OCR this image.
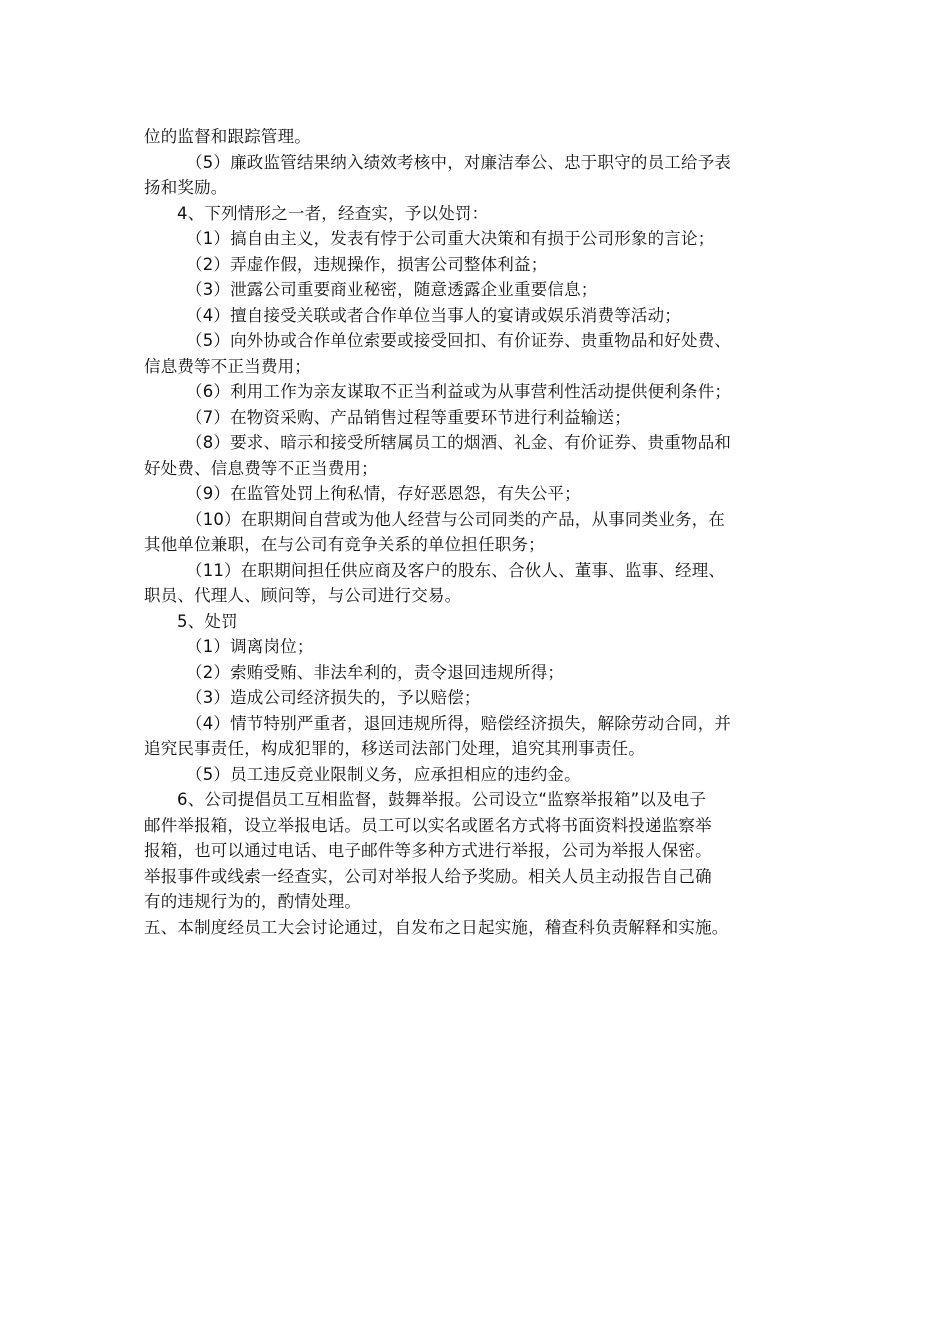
位的监督和跟踪管理。
（5）廉政监管结果纳入绩效考核中，对廉洁奉公、忠于职守的员工给予表
扬和奖励。
4、下列情形之一者，经查实，予以处罚：
（1）搞自由主义，发表有悖于公司重大决策和有损于公司形象的言论；
（2）弄虚作假，违规操作，损害公司整体利益；
（3）泄露公司重要商业秘密，随意透露企业重要信息；
（4）擅自接受关联或者合作单位当事人的宴请或娱乐消费等活动；
（5）向外协或合作单位索要或接受回扣、有价证券、贵重物品和好处费、
信息费等不正当费用；
（6）利用工作为亲友谋取不正当利益或为从事营利性活动提供便利条件；
（7）在物资采购、产品销售过程等重要环节进行利益输送；
（8）要求、暗示和接受所辖属员工的烟酒、礼金、有价证券、贵重物品和
好处费、信息费等不正当费用；
（9）在监管处罚上徇私情，存好恶恩怨，有失公平；
（10）在职期间自营或为他人经营与公司同类的产品，从事同类业务，在
其他单位兼职，在与公司有竞争关系的单位担任职务；
（11）在职期间担任供应商及客户的股东、合伙人、董事、监事、经理、
职员、代理人、顾问等，与公司进行交易。
5、处罚
（1）调离岗位；
（2）索贿受贿、非法牟利的，责令退回违规所得；
（3）造成公司经济损失的，予以赔偿；
（4）情节特别严重者，退回违规所得，赔偿经济损失，解除劳动合同，并
追究民事责任，构成犯罪的，移送司法部门处理，追究其刑事责任。
（5）员工违反竞业限制义务，应承担相应的违约金。
6、公司提倡员工互相监督，鼓舞举报。公司设立“监察举报箱”以及电子
邮件举报箱，设立举报电话。员工可以实名或匿名方式将书面资料投递监察举
报箱，也可以通过电话、电子邮件等多种方式进行举报，公司为举报人保密。
举报事件或线索一经查实，公司对举报人给予奖励。相关人员主动报告自己确
有的违规行为的，酌情处理。
五、本制度经员工大会讨论通过，自发布之日起实施，稽查科负责解释和实施。
